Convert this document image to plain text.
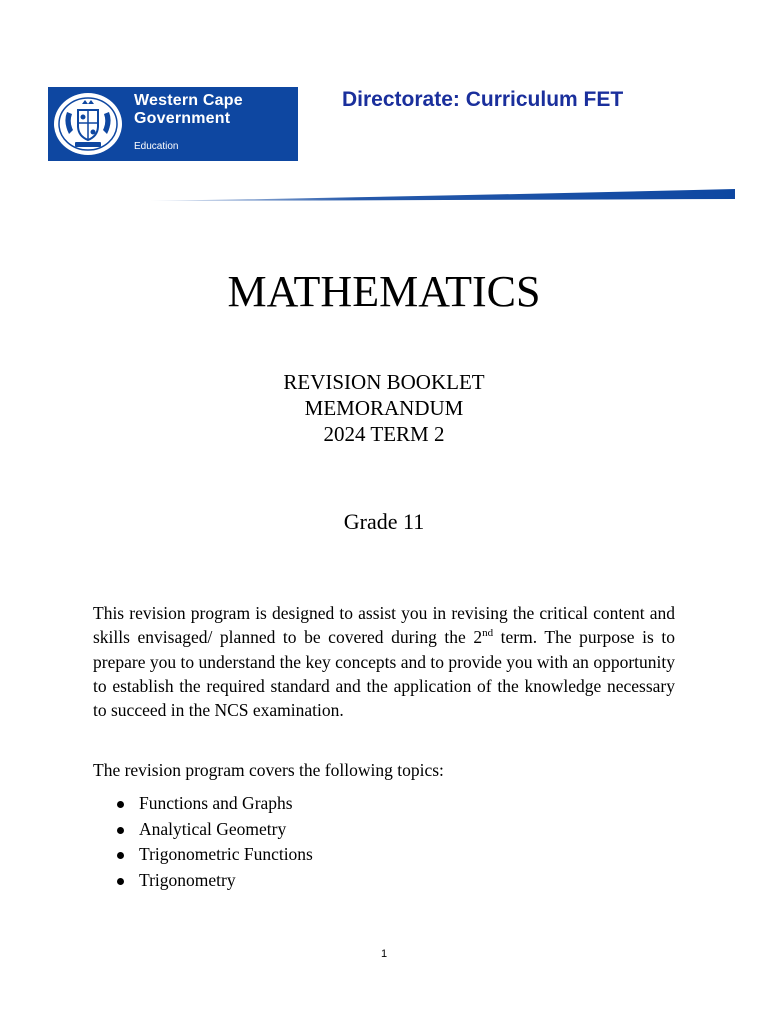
Western Cape
Government
Education
Directorate: Curriculum FET
MATHEMATICS
REVISION BOOKLET
MEMORANDUM
2024 TERM 2
Grade 11

This revision program is designed to assist you in revising the critical content and skills envisaged/ planned to be covered during the 2nd term. The purpose is to prepare you to understand the key concepts and to provide you with an opportunity to establish the required standard and the application of the knowledge necessary to succeed in the NCS examination.

The revision program covers the following topics:
Functions and Graphs
Analytical Geometry
Trigonometric Functions
Trigonometry
1
